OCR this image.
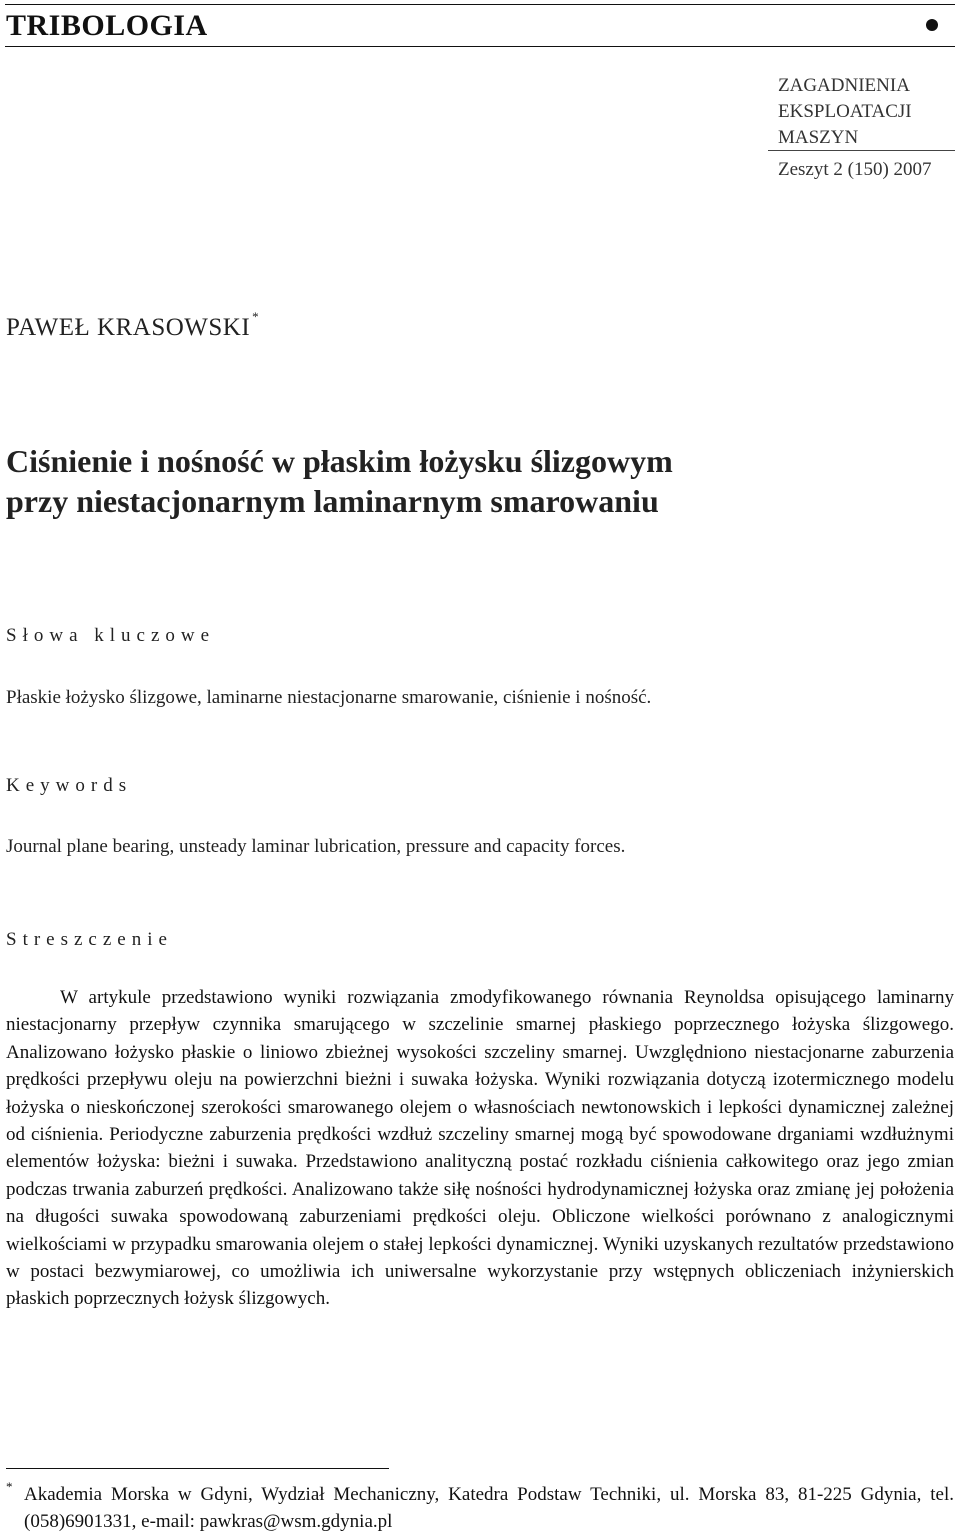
TRIBOLOGIA
ZAGADNIENIA
EKSPLOATACJI
MASZYN
Zeszyt 2 (150) 2007
PAWEŁ KRASOWSKI *
Ciśnienie i nośność w płaskim łożysku ślizgowym
przy niestacjonarnym laminarnym smarowaniu
Słowa kluczowe
Płaskie łożysko ślizgowe, laminarne niestacjonarne smarowanie, ciśnienie i nośność.
Keywords
Journal plane bearing, unsteady laminar lubrication, pressure and capacity forces.
Streszczenie

W artykule przedstawiono wyniki rozwiązania zmodyfikowanego równania Reynoldsa opisującego laminarny niestacjonarny przepływ czynnika smarującego w szczelinie smarnej płaskiego poprzecznego łożyska ślizgowego. Analizowano łożysko płaskie o liniowo zbieżnej wysokości szczeliny smarnej. Uwzględniono niestacjonarne zaburzenia prędkości przepływu oleju na powierzchni bieżni i suwaka łożyska. Wyniki rozwiązania dotyczą izotermicznego modelu łożyska o nieskończonej szerokości smarowanego olejem o własnościach newtonowskich i lepkości dynamicznej zależnej od ciśnienia. Periodyczne zaburzenia prędkości wzdłuż szczeliny smarnej mogą być spowodowane drganiami wzdłużnymi elementów łożyska: bieżni i suwaka. Przedstawiono analityczną postać rozkładu ciśnienia całkowitego oraz jego zmian podczas trwania zaburzeń prędkości. Analizowano także siłę nośności hydrodynamicznej łożyska oraz zmianę jej położenia na długości suwaka spowodowaną zaburzeniami prędkości oleju. Obliczone wielkości porównano z analogicznymi wielkościami w przypadku smarowania olejem o stałej lepkości dynamicznej. Wyniki uzyskanych rezultatów przedstawiono w postaci bezwymiarowej, co umożliwia ich uniwersalne wykorzystanie przy wstępnych obliczeniach inżynierskich płaskich poprzecznych łożysk ślizgowych.

* Akademia Morska w Gdyni, Wydział Mechaniczny, Katedra Podstaw Techniki, ul. Morska 83, 81-225 Gdynia, tel. (058)6901331, e-mail: pawkras@wsm.gdynia.pl
